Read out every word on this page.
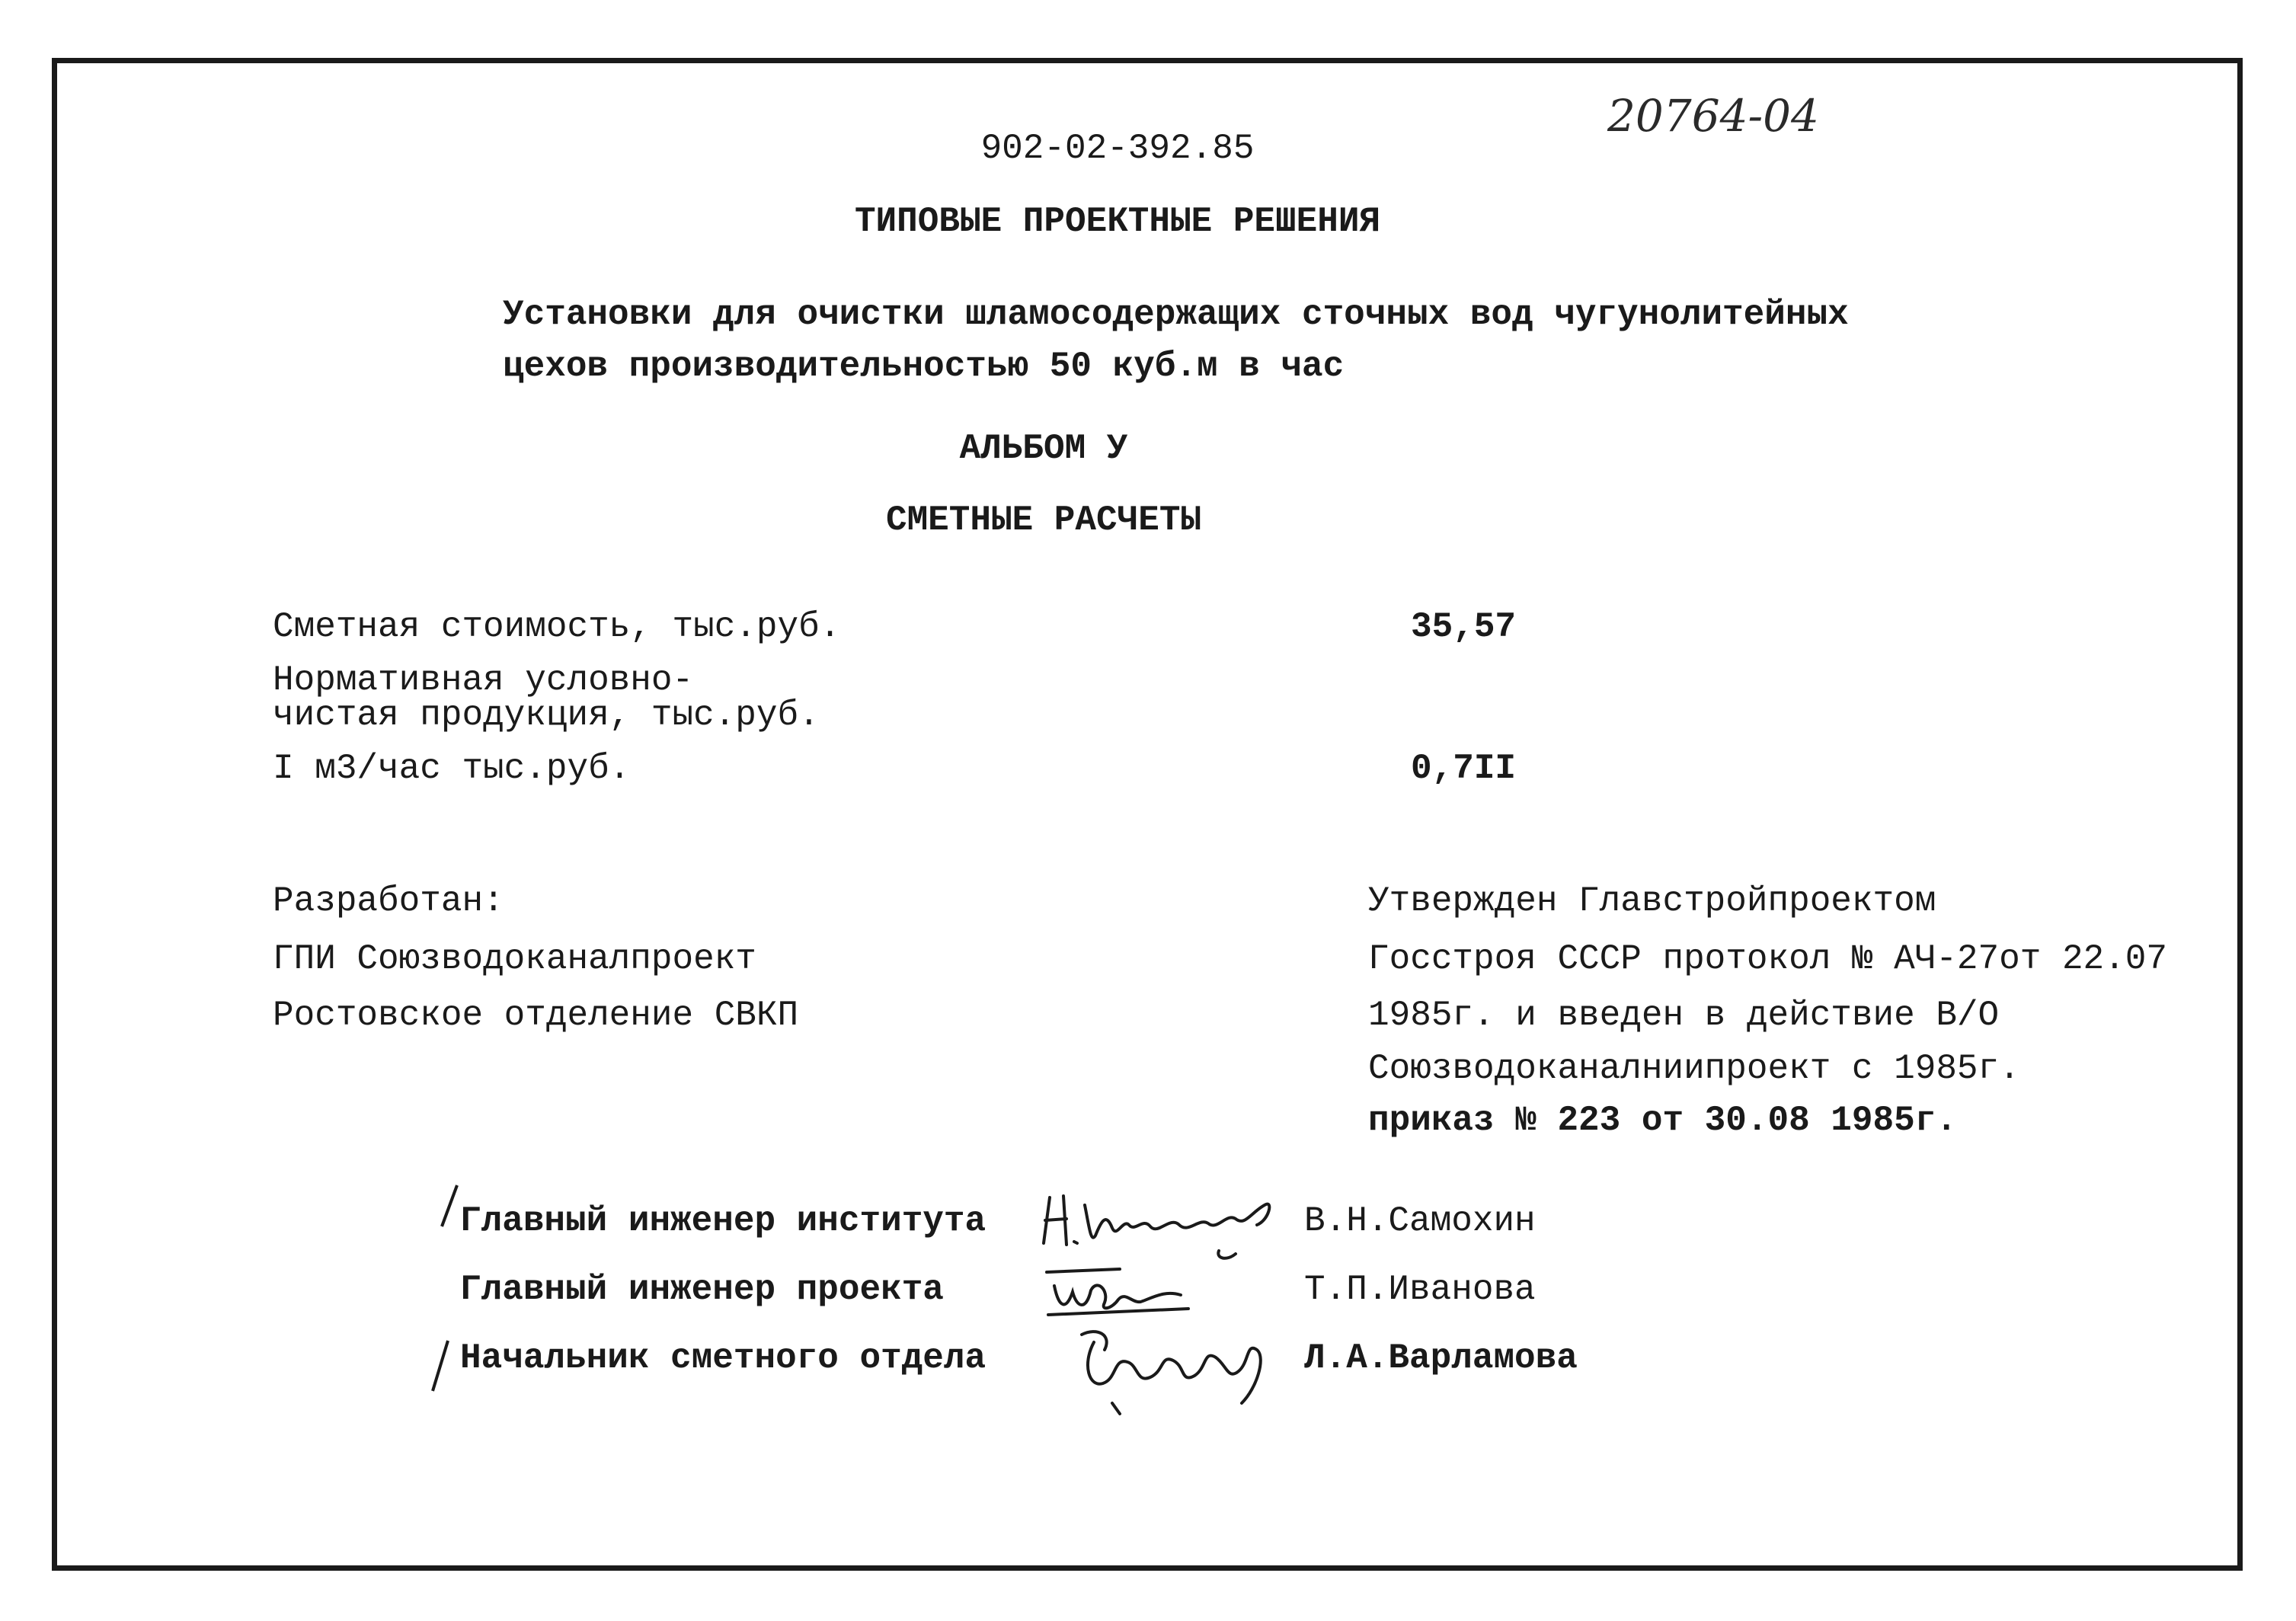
20764-04
902-02-392.85
ТИПОВЫЕ ПРОЕКТНЫЕ РЕШЕНИЯ
Установки для очистки шламосодержащих сточных вод чугунолитейных
цехов производительностью 50 куб.м в час
АЛЬБОМ У
СМЕТНЫЕ РАСЧЕТЫ
Сметная стоимость, тыс.руб.	35,57
Нормативная условно-
чистая продукция, тыс.руб.
I м3/час тыс.руб.	0,7II
Разработан:
ГПИ Союзводоканалпроект
Ростовское отделение СВКП
Утвержден Главстройпроектом
Госстроя СССР протокол № АЧ-27от 22.07
1985г. и введен в действие В/О
Союзводоканалниипроект с 1985г.
приказ № 223 от 30.08 1985г.
Главный инженер института	В.Н.Самохин
Главный инженер проекта	Т.П.Иванова
Начальник сметного отдела	Л.А.Варламова
